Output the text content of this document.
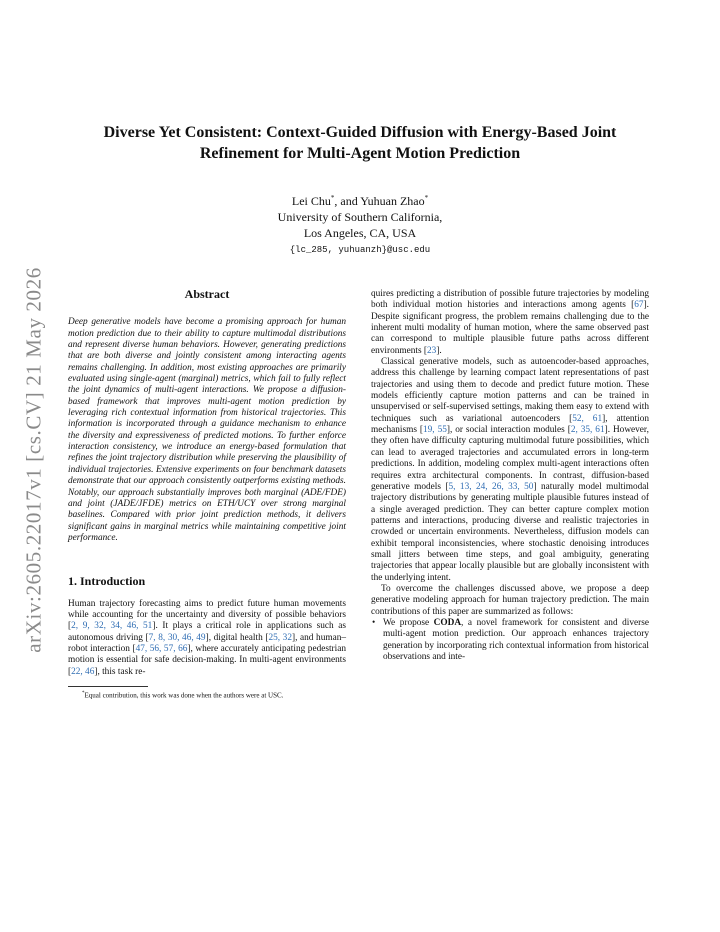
arXiv:2605.22017v1 [cs.CV] 21 May 2026
Diverse Yet Consistent: Context-Guided Diffusion with Energy-Based Joint
Refinement for Multi-Agent Motion Prediction
Lei Chu*, and Yuhuan Zhao*
University of Southern California,
Los Angeles, CA, USA
{lc_285, yuhuanzh}@usc.edu
Abstract

Deep generative models have become a promising approach for human motion prediction due to their ability to capture multimodal distributions and represent diverse human behaviors. However, generating predictions that are both diverse and jointly consistent among interacting agents remains challenging. In addition, most existing approaches are primarily evaluated using single-agent (marginal) metrics, which fail to fully reflect the joint dynamics of multi-agent interactions. We propose a diffusion-based framework that improves multi-agent motion prediction by leveraging rich contextual information from historical trajectories. This information is incorporated through a guidance mechanism to enhance the diversity and expressiveness of predicted motions. To further enforce interaction consistency, we introduce an energy-based formulation that refines the joint trajectory distribution while preserving the plausibility of individual trajectories. Extensive experiments on four benchmark datasets demonstrate that our approach consistently outperforms existing methods. Notably, our approach substantially improves both marginal (ADE/FDE) and joint (JADE/JFDE) metrics on ETH/UCY over strong marginal baselines. Compared with prior joint prediction methods, it delivers significant gains in marginal metrics while maintaining competitive joint performance.

1. Introduction

Human trajectory forecasting aims to predict future human movements while accounting for the uncertainty and diversity of possible behaviors [2, 9, 32, 34, 46, 51]. It plays a critical role in applications such as autonomous driving [7, 8, 30, 46, 49], digital health [25, 32], and human–robot interaction [47, 56, 57, 66], where accurately anticipating pedestrian motion is essential for safe decision-making. In multi-agent environments [22, 46], this task re-

*Equal contribution, this work was done when the authors were at USC.

quires predicting a distribution of possible future trajectories by modeling both individual motion histories and interactions among agents [67]. Despite significant progress, the problem remains challenging due to the inherent multi modality of human motion, where the same observed past can correspond to multiple plausible future paths across different environments [23].

Classical generative models, such as autoencoder-based approaches, address this challenge by learning compact latent representations of past trajectories and using them to decode and predict future motion. These models efficiently capture motion patterns and can be trained in unsupervised or self-supervised settings, making them easy to extend with techniques such as variational autoencoders [52, 61], attention mechanisms [19, 55], or social interaction modules [2, 35, 61]. However, they often have difficulty capturing multimodal future possibilities, which can lead to averaged trajectories and accumulated errors in long-term predictions. In addition, modeling complex multi-agent interactions often requires extra architectural components. In contrast, diffusion-based generative models [5, 13, 24, 26, 33, 50] naturally model multimodal trajectory distributions by generating multiple plausible futures instead of a single averaged prediction. They can better capture complex motion patterns and interactions, producing diverse and realistic trajectories in crowded or uncertain environments. Nevertheless, diffusion models can exhibit temporal inconsistencies, where stochastic denoising introduces small jitters between time steps, and goal ambiguity, generating trajectories that appear locally plausible but are globally inconsistent with the underlying intent.

To overcome the challenges discussed above, we propose a deep generative modeling approach for human trajectory prediction. The main contributions of this paper are summarized as follows:

• We propose CODA, a novel framework for consistent and diverse multi-agent motion prediction. Our approach enhances trajectory generation by incorporating rich contextual information from historical observations and inte-
